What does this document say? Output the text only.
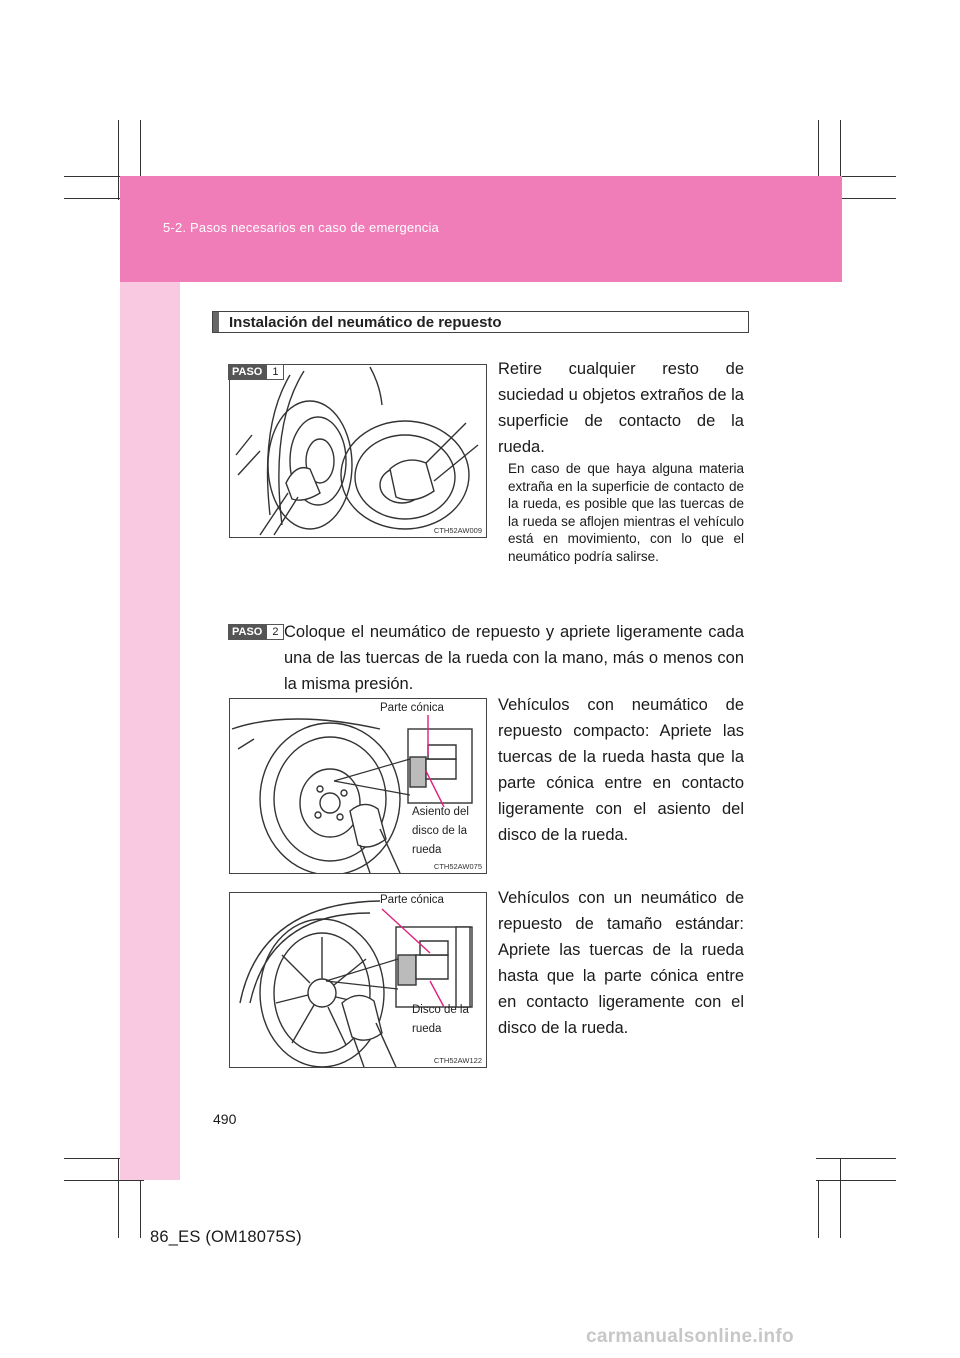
5-2. Pasos necesarios en caso de emergencia
Instalación del neumático de repuesto
CTH52AW009
PASO 1	Retire cualquier resto de suciedad u objetos extraños de la superficie de contacto de la rueda.
En caso de que haya alguna materia extraña en la superficie de contacto de la rueda, es posible que las tuercas de la rueda se aflojen mientras el vehículo está en movimiento, con lo que el neumático podría salirse.
PASO 2 Coloque el neumático de repuesto y apriete ligeramente cada una de las tuercas de la rueda con la mano, más o menos con la misma presión.
Parte cónica
Asiento del
disco de la
rueda
CTH52AW075
Vehículos con neumático de repuesto compacto: Apriete las tuercas de la rueda hasta que la parte cónica entre en contacto ligeramente con el asiento del disco de la rueda.
Parte cónica
Disco de la
rueda
CTH52AW122
Vehículos con un neumático de repuesto de tamaño estándar: Apriete las tuercas de la rueda hasta que la parte cónica entre en contacto ligeramente con el disco de la rueda.
490
86_ES (OM18075S)
carmanualsonline.info
